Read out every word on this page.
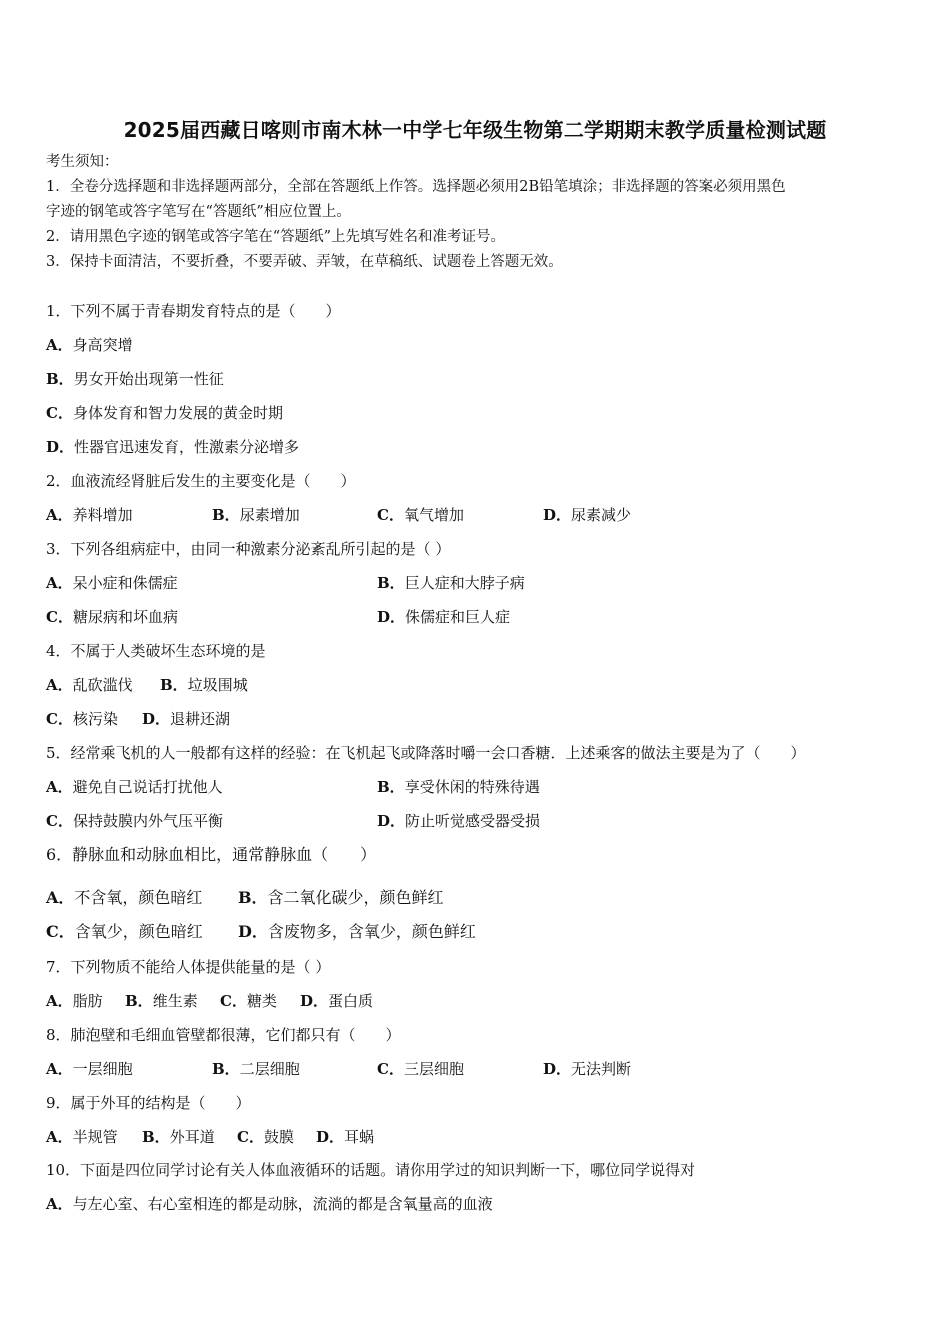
2025届西藏日喀则市南木林一中学七年级生物第二学期期末教学质量检测试题
考生须知：
1．全卷分选择题和非选择题两部分，全部在答题纸上作答。选择题必须用2B铅笔填涂；非选择题的答案必须用黑色
字迹的钢笔或答字笔写在“答题纸”相应位置上。
2．请用黑色字迹的钢笔或答字笔在“答题纸”上先填写姓名和准考证号。
3．保持卡面清洁，不要折叠，不要弄破、弄皱，在草稿纸、试题卷上答题无效。
1．下列不属于青春期发育特点的是（　　）
A．身高突增
B．男女开始出现第一性征
C．身体发育和智力发展的黄金时期
D．性器官迅速发育，性激素分泌增多
2．血液流经肾脏后发生的主要变化是（　　）
A．养料增加	B．尿素增加	C．氧气增加	D．尿素减少
3．下列各组病症中，由同一种激素分泌紊乱所引起的是（ ）
A．呆小症和侏儒症	B．巨人症和大脖子病
C．糖尿病和坏血病	D．侏儒症和巨人症
4．不属于人类破坏生态环境的是
A．乱砍滥伐 B．垃圾围城
C．核污染 D．退耕还湖
5．经常乘飞机的人一般都有这样的经验：在飞机起飞或降落时嚼一会口香糖．上述乘客的做法主要是为了（　　）
A．避免自己说话打扰他人	B．享受休闲的特殊待遇
C．保持鼓膜内外气压平衡	D．防止听觉感受器受损
6．静脉血和动脉血相比，通常静脉血（　　）
A．不含氧，颜色暗红 B．含二氧化碳少，颜色鲜红
C．含氧少，颜色暗红 D．含废物多，含氧少，颜色鲜红
7．下列物质不能给人体提供能量的是（ ）
A．脂肪 B．维生素 C．糖类 D．蛋白质
8．肺泡壁和毛细血管壁都很薄，它们都只有（　　）
A．一层细胞	B．二层细胞	C．三层细胞	D．无法判断
9．属于外耳的结构是（　　）
A．半规管 B．外耳道 C．鼓膜 D．耳蜗
10．下面是四位同学讨论有关人体血液循环的话题。请你用学过的知识判断一下，哪位同学说得对
A．与左心室、右心室相连的都是动脉，流淌的都是含氧量高的血液
